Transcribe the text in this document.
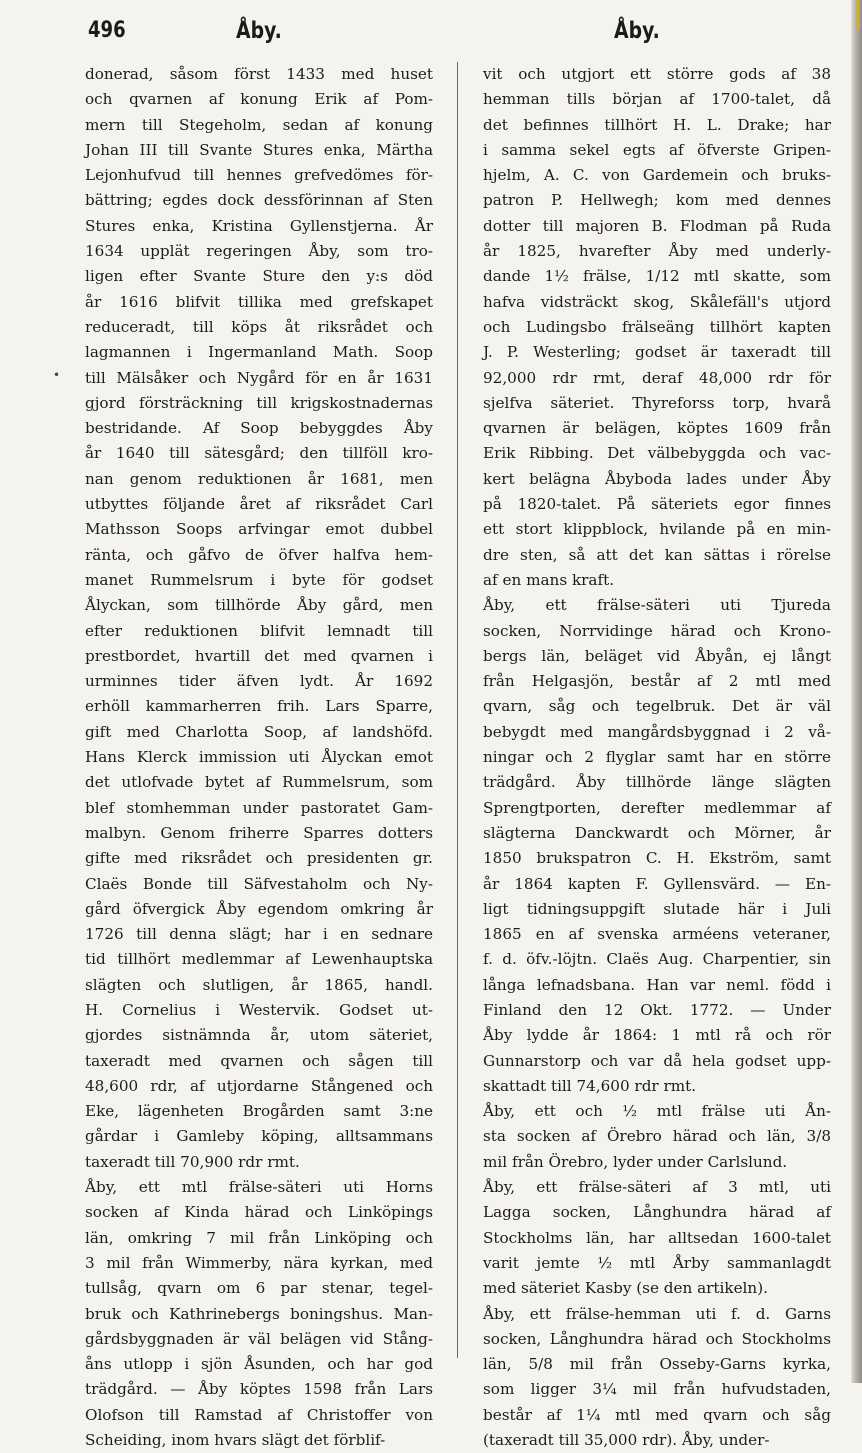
496	Åby.	Åby.
•
donerad, såsom först 1433 med huset
och qvarnen af konung Erik af Pom-
mern till Stegeholm, sedan af konung
Johan III till Svante Stures enka, Märtha
Lejonhufvud till hennes grefvedömes för-
bättring; egdes dock dessförinnan af Sten
Stures enka, Kristina Gyllenstjerna. År
1634 upplät regeringen Åby, som tro-
ligen efter Svante Sture den y:s död
år 1616 blifvit tillika med grefskapet
reduceradt, till köps åt riksrådet och
lagmannen i Ingermanland Math. Soop
till Mälsåker och Nygård för en år 1631
gjord försträckning till krigskostnadernas
bestridande. Af Soop bebyggdes Åby
år 1640 till sätesgård; den tillföll kro-
nan genom reduktionen år 1681, men
utbyttes följande året af riksrådet Carl
Mathsson Soops arfvingar emot dubbel
ränta, och gåfvo de öfver halfva hem-
manet Rummelsrum i byte för godset
Ålyckan, som tillhörde Åby gård, men
efter reduktionen blifvit lemnadt till
prestbordet, hvartill det med qvarnen i
urminnes tider äfven lydt. År 1692
erhöll kammarherren frih. Lars Sparre,
gift med Charlotta Soop, af landshöfd.
Hans Klerck immission uti Ålyckan emot
det utlofvade bytet af Rummelsrum, som
blef stomhemman under pastoratet Gam-
malbyn. Genom friherre Sparres dotters
gifte med riksrådet och presidenten gr.
Claës Bonde till Säfvestaholm och Ny-
gård öfvergick Åby egendom omkring år
1726 till denna slägt; har i en sednare
tid tillhört medlemmar af Lewenhauptska
slägten och slutligen, år 1865, handl.
H. Cornelius i Westervik. Godset ut-
gjordes sistnämnda år, utom säteriet,
taxeradt med qvarnen och sågen till
48,600 rdr, af utjordarne Stångened och
Eke, lägenheten Brogården samt 3:ne
gårdar i Gamleby köping, alltsammans
taxeradt till 70,900 rdr rmt.
Åby, ett mtl frälse-säteri uti Horns
socken af Kinda härad och Linköpings
län, omkring 7 mil från Linköping och
3 mil från Wimmerby, nära kyrkan, med
tullsåg, qvarn om 6 par stenar, tegel-
bruk och Kathrinebergs boningshus. Man-
gårdsbyggnaden är väl belägen vid Stång-
åns utlopp i sjön Åsunden, och har god
trädgård. — Åby köptes 1598 från Lars
Olofson till Ramstad af Christoffer von
Scheiding, inom hvars slägt det förblif-
vit och utgjort ett större gods af 38
hemman tills början af 1700-talet, då
det befinnes tillhört H. L. Drake; har
i samma sekel egts af öfverste Gripen-
hjelm, A. C. von Gardemein och bruks-
patron P. Hellwegh; kom med dennes
dotter till majoren B. Flodman på Ruda
år 1825, hvarefter Åby med underly-
dande 1½ frälse, 1/12 mtl skatte, som
hafva vidsträckt skog, Skålefäll's utjord
och Ludingsbo frälseäng tillhört kapten
J. P. Westerling; godset är taxeradt till
92,000 rdr rmt, deraf 48,000 rdr för
sjelfva säteriet. Thyreforss torp, hvarå
qvarnen är belägen, köptes 1609 från
Erik Ribbing. Det välbebyggda och vac-
kert belägna Åbyboda lades under Åby
på 1820-talet. På säteriets egor finnes
ett stort klippblock, hvilande på en min-
dre sten, så att det kan sättas i rörelse
af en mans kraft.
Åby, ett frälse-säteri uti Tjureda
socken, Norrvidinge härad och Krono-
bergs län, beläget vid Åbyån, ej långt
från Helgasjön, består af 2 mtl med
qvarn, såg och tegelbruk. Det är väl
bebygdt med mangårdsbyggnad i 2 vå-
ningar och 2 flyglar samt har en större
trädgård. Åby tillhörde länge slägten
Sprengtporten, derefter medlemmar af
slägterna Danckwardt och Mörner, år
1850 brukspatron C. H. Ekström, samt
år 1864 kapten F. Gyllensvärd. — En-
ligt tidningsuppgift slutade här i Juli
1865 en af svenska arméens veteraner,
f. d. öfv.-löjtn. Claës Aug. Charpentier, sin
långa lefnadsbana. Han var neml. född i
Finland den 12 Okt. 1772. — Under
Åby lydde år 1864: 1 mtl rå och rör
Gunnarstorp och var då hela godset upp-
skattadt till 74,600 rdr rmt.
Åby, ett och ½ mtl frälse uti Ån-
sta socken af Örebro härad och län, 3/8
mil från Örebro, lyder under Carlslund.
Åby, ett frälse-säteri af 3 mtl, uti
Lagga socken, Långhundra härad af
Stockholms län, har alltsedan 1600-talet
varit jemte ½ mtl Årby sammanlagdt
med säteriet Kasby (se den artikeln).
Åby, ett frälse-hemman uti f. d. Garns
socken, Långhundra härad och Stockholms
län, 5/8 mil från Osseby-Garns kyrka,
som ligger 3¼ mil från hufvudstaden,
består af 1¼ mtl med qvarn och såg
(taxeradt till 35,000 rdr). Åby, under-
